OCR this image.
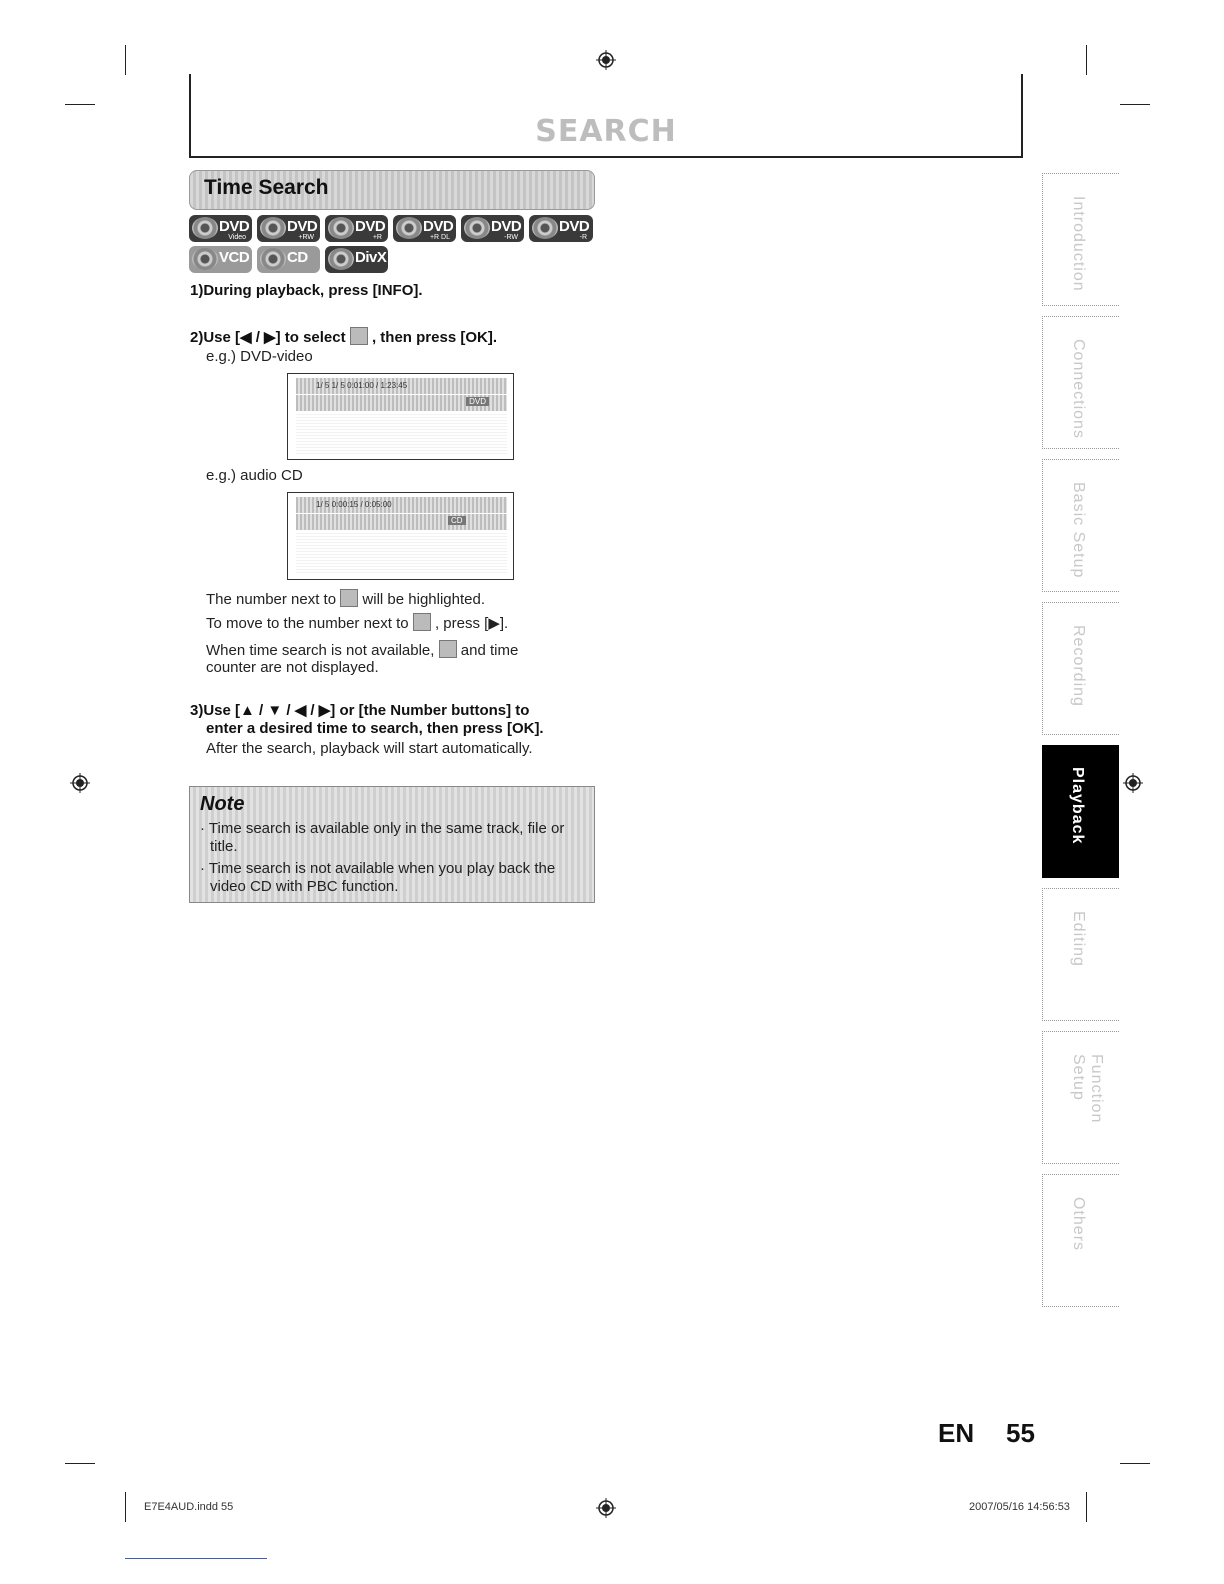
SEARCH
Time Search
DVD
Video
DVD
+RW
DVD
+R
DVD
+R DL
DVD
-RW
DVD
-R
VCD	CD	DivX
1)During playback, press [INFO].
2)Use [◀ / ▶] to select , then press [OK].
e.g.) DVD-video
1/ 5 1/ 5 0:01:00 / 1:23:45
DVD
e.g.) audio CD
1/ 5 0:00:15 / 0:05:00
CD
The number next to will be highlighted.
To move to the number next to , press [▶].
When time search is not available, and time
counter are not displayed.
3)Use [▲ / ▼ / ◀ / ▶] or [the Number buttons] to
enter a desired time to search, then press [OK].
After the search, playback will start automatically.
Note
· Time search is available only in the same track, file or
title.
· Time search is not available when you play back the
video CD with PBC function.
Introduction
Connections
Basic Setup
Recording
Playback
Editing
Function Setup
Others
EN 55
E7E4AUD.indd 55	2007/05/16 14:56:53
